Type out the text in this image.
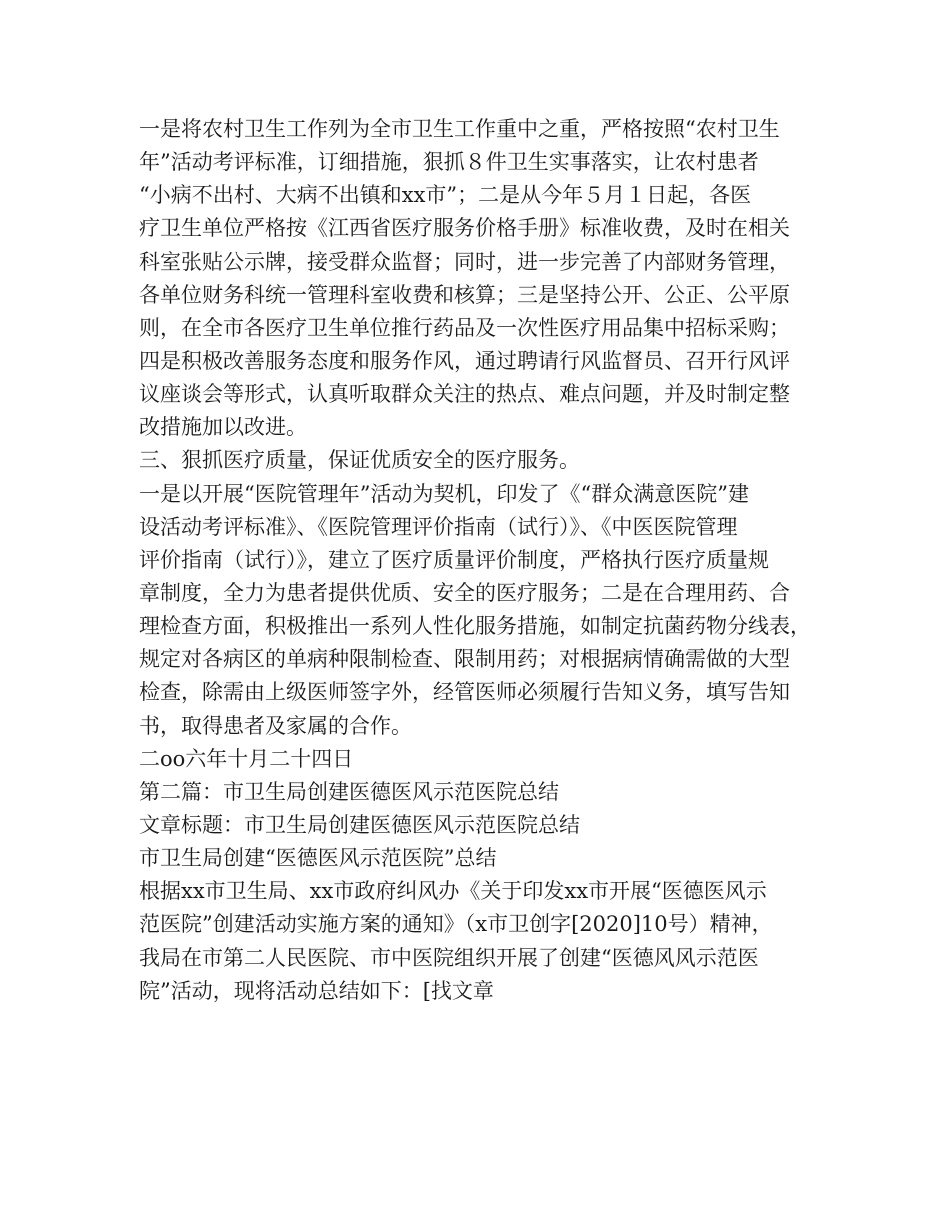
一是将农村卫生工作列为全市卫生工作重中之重，严格按照“农村卫生
年”活动考评标准，订细措施，狠抓８件卫生实事落实，让农村患者
“小病不出村、大病不出镇和xx市”；二是从今年５月１日起，各医
疗卫生单位严格按《江西省医疗服务价格手册》标准收费，及时在相关
科室张贴公示牌，接受群众监督；同时，进一步完善了内部财务管理，
各单位财务科统一管理科室收费和核算；三是坚持公开、公正、公平原
则，在全市各医疗卫生单位推行药品及一次性医疗用品集中招标采购；
四是积极改善服务态度和服务作风，通过聘请行风监督员、召开行风评
议座谈会等形式，认真听取群众关注的热点、难点问题，并及时制定整
改措施加以改进。
三、狠抓医疗质量，保证优质安全的医疗服务。
一是以开展“医院管理年”活动为契机，印发了《“群众满意医院”建
设活动考评标准》、《医院管理评价指南（试行）》、《中医医院管理
评价指南（试行）》，建立了医疗质量评价制度，严格执行医疗质量规
章制度，全力为患者提供优质、安全的医疗服务；二是在合理用药、合
理检查方面，积极推出一系列人性化服务措施，如制定抗菌药物分线表，
规定对各病区的单病种限制检查、限制用药；对根据病情确需做的大型
检查，除需由上级医师签字外，经管医师必须履行告知义务，填写告知
书，取得患者及家属的合作。
二oo六年十月二十四日
第二篇：市卫生局创建医德医风示范医院总结
文章标题：市卫生局创建医德医风示范医院总结
市卫生局创建“医德医风示范医院”总结
根据xx市卫生局、xx市政府纠风办《关于印发xx市开展“医德医风示
范医院”创建活动实施方案的通知》（x市卫创字[2020]10号）精神，
我局在市第二人民医院、市中医院组织开展了创建“医德风风示范医
院”活动，现将活动总结如下：[找文章
